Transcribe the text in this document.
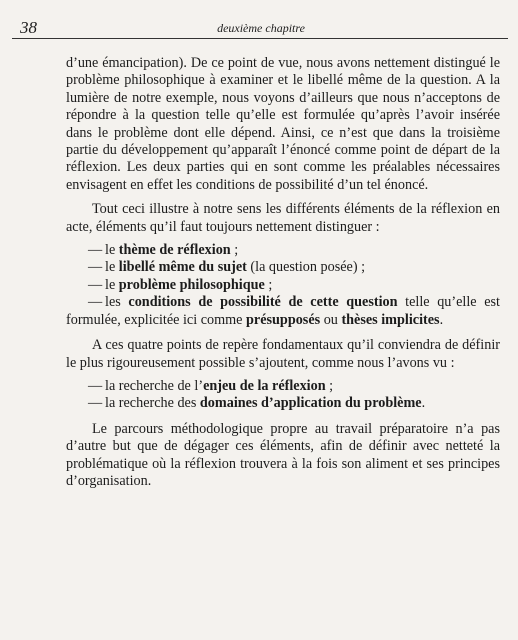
38	deuxième chapitre

d’une émancipation). De ce point de vue, nous avons nettement distingué le problème philosophique à examiner et le libellé même de la question. A la lumière de notre exemple, nous voyons d’ailleurs que nous n’acceptons de répondre à la question telle qu’elle est formulée qu’après l’avoir insérée dans le problème dont elle dépend. Ainsi, ce n’est que dans la troisième partie du développement qu’apparaît l’énoncé comme point de départ de la réflexion. Les deux parties qui en sont comme les préalables nécessaires envisagent en effet les conditions de possibilité d’un tel énoncé.

Tout ceci illustre à notre sens les différents éléments de la réflexion en acte, éléments qu’il faut toujours nettement distinguer :

— le thème de réflexion ;
— le libellé même du sujet (la question posée) ;
— le problème philosophique ;
— les conditions de possibilité de cette question telle qu’elle est formulée, explicitée ici comme présupposés ou thèses implicites.

A ces quatre points de repère fondamentaux qu’il conviendra de définir le plus rigoureusement possible s’ajoutent, comme nous l’avons vu :

— la recherche de l’enjeu de la réflexion ;
— la recherche des domaines d’application du problème.

Le parcours méthodologique propre au travail préparatoire n’a pas d’autre but que de dégager ces éléments, afin de définir avec netteté la problématique où la réflexion trouvera à la fois son aliment et ses principes d’organisation.
